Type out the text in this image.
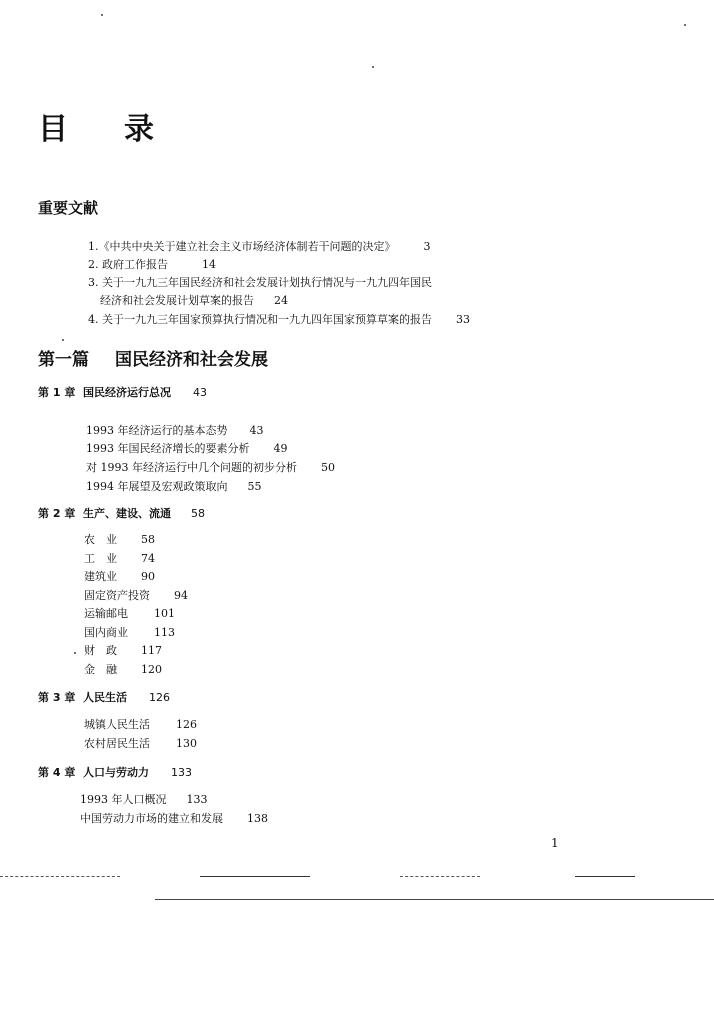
目 录
重要文献
1.《中共中央关于建立社会主义市场经济体制若干问题的决定》	3
2. 政府工作报告	14
3. 关于一九九三年国民经济和社会发展计划执行情况与一九九四年国民
经济和社会发展计划草案的报告 24
4. 关于一九九三年国家预算执行情况和一九九四年国家预算草案的报告 33
第一篇 国民经济和社会发展
第 1 章 国民经济运行总况 43
1993 年经济运行的基本态势 43
1993 年国民经济增长的要素分析 49
对 1993 年经济运行中几个问题的初步分析 50
1994 年展望及宏观政策取向 55
第 2 章 生产、建设、流通 58
农　业 58
工　业 74
建筑业 90
固定资产投资 94
运输邮电 101
国内商业 113
财　政 117
金　融 120
第 3 章 人民生活 126
城镇人民生活 126
农村居民生活 130
第 4 章 人口与劳动力 133
1993 年人口概况 133
中国劳动力市场的建立和发展 138
1
